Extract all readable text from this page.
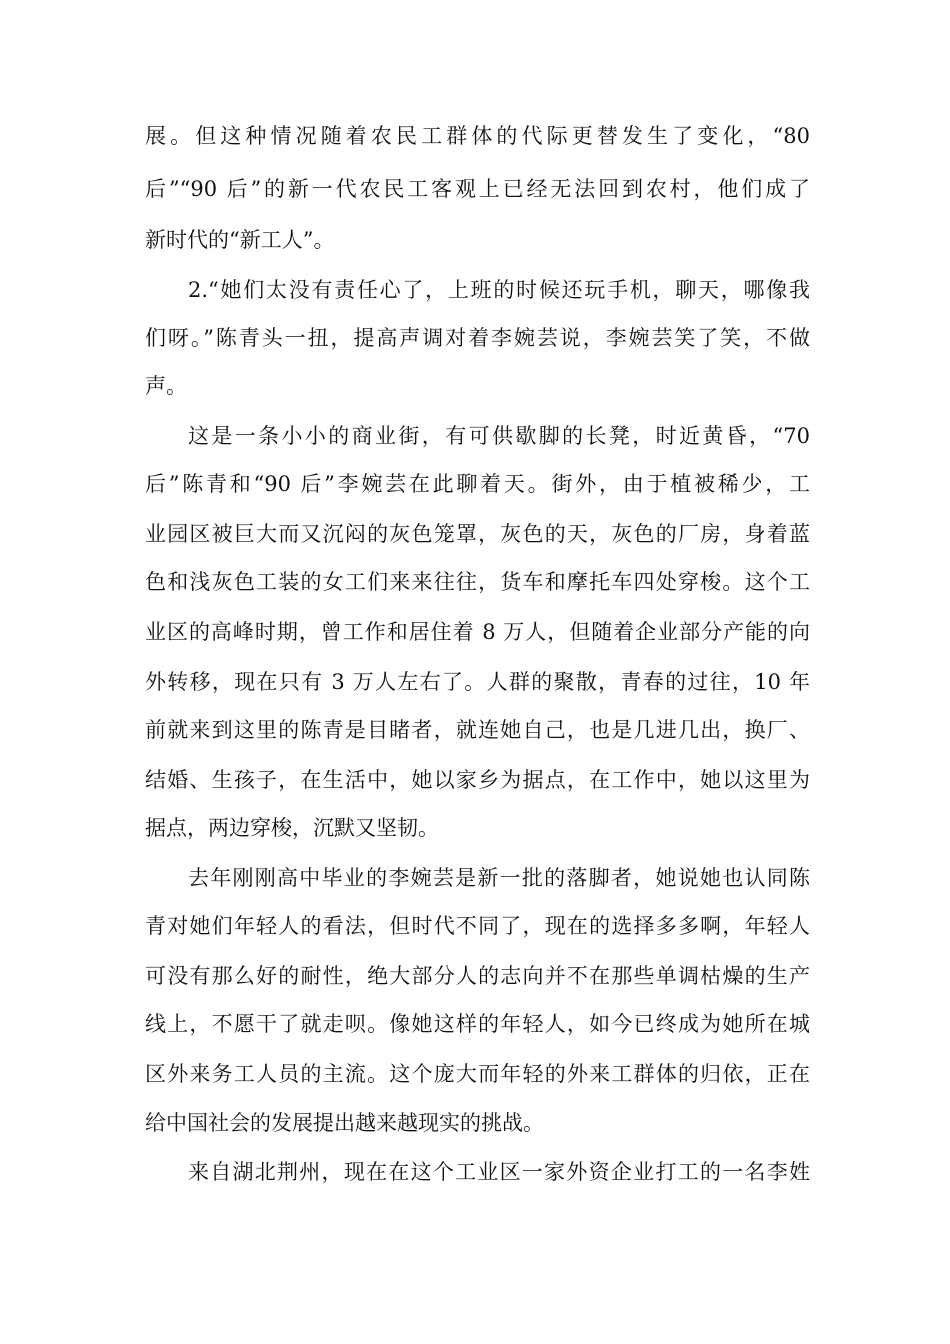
展。但这种情况随着农民工群体的代际更替发生了变化，“80

后”“90 后”的新一代农民工客观上已经无法回到农村，他们成了

新时代的“新工人”。

2.“她们太没有责任心了，上班的时候还玩手机，聊天，哪像我

们呀。”陈青头一扭，提高声调对着李婉芸说，李婉芸笑了笑，不做

声。

这是一条小小的商业街，有可供歇脚的长凳，时近黄昏，“70

后”陈青和“90 后”李婉芸在此聊着天。街外，由于植被稀少，工

业园区被巨大而又沉闷的灰色笼罩，灰色的天，灰色的厂房，身着蓝

色和浅灰色工装的女工们来来往往，货车和摩托车四处穿梭。这个工

业区的高峰时期，曾工作和居住着 8 万人，但随着企业部分产能的向

外转移，现在只有 3 万人左右了。人群的聚散，青春的过往，10 年

前就来到这里的陈青是目睹者，就连她自己，也是几进几出，换厂、

结婚、生孩子，在生活中，她以家乡为据点，在工作中，她以这里为

据点，两边穿梭，沉默又坚韧。

去年刚刚高中毕业的李婉芸是新一批的落脚者，她说她也认同陈

青对她们年轻人的看法，但时代不同了，现在的选择多多啊，年轻人

可没有那么好的耐性，绝大部分人的志向并不在那些单调枯燥的生产

线上，不愿干了就走呗。像她这样的年轻人，如今已终成为她所在城

区外来务工人员的主流。这个庞大而年轻的外来工群体的归依，正在

给中国社会的发展提出越来越现实的挑战。

来自湖北荆州，现在在这个工业区一家外资企业打工的一名李姓
